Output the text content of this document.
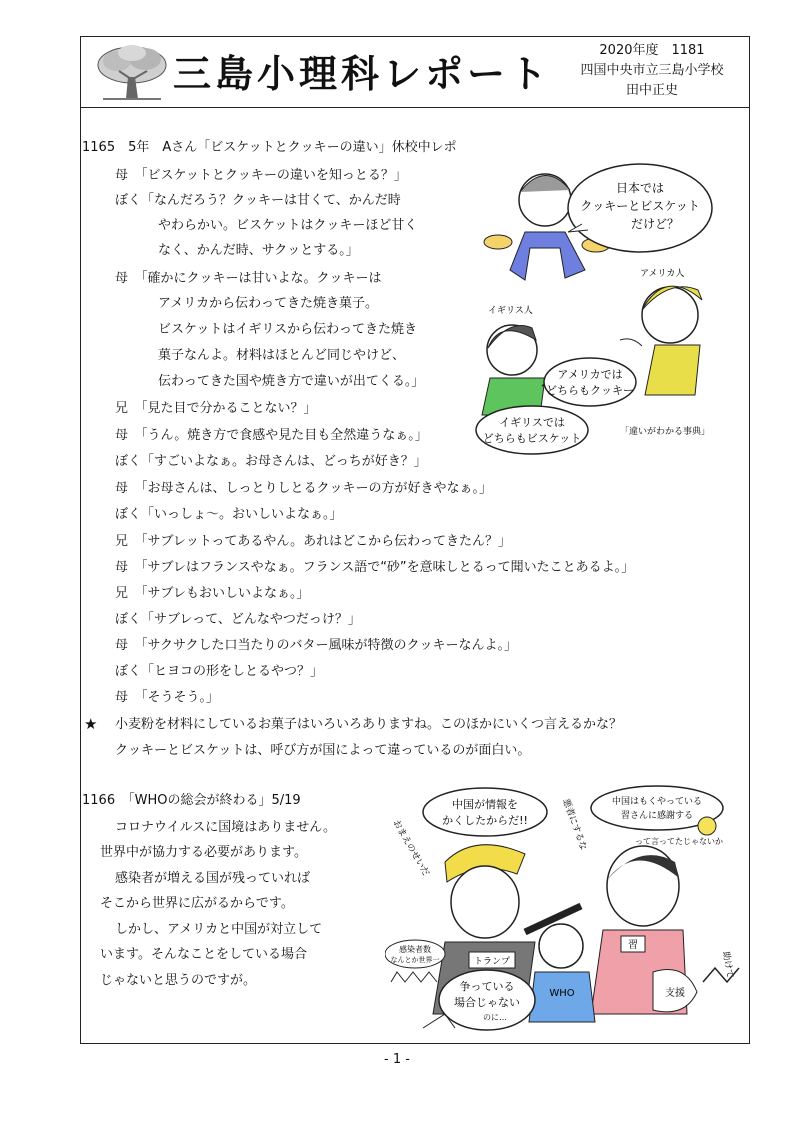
三島小理科レポート
2020年度　1181
四国中央市立三島小学校
田中正史
1165　5年　Aさん「ビスケットとクッキーの違い」休校中レポ
母　「ビスケットとクッキーの違いを知っとる？」
ぼく「なんだろう？クッキーは甘くて、かんだ時
やわらかい。ビスケットはクッキーほど甘く
なく、かんだ時、サクッとする。」
母　「確かにクッキーは甘いよな。クッキーは
アメリカから伝わってきた焼き菓子。
ビスケットはイギリスから伝わってきた焼き
菓子なんよ。材料はほとんど同じやけど、
伝わってきた国や焼き方で違いが出てくる。」
兄　「見た目で分かることない？」
母　「うん。焼き方で食感や見た目も全然違うなぁ。」
ぼく「すごいよなぁ。お母さんは、どっちが好き？」
母　「お母さんは、しっとりしとるクッキーの方が好きやなぁ。」
ぼく「いっしょ～。おいしいよなぁ。」
兄　「サブレットってあるやん。あれはどこから伝わってきたん？」
母　「サブレはフランスやなぁ。フランス語で“砂”を意味しとるって聞いたことあるよ。」
兄　「サブレもおいしいよなぁ。」
ぼく「サブレって、どんなやつだっけ？」
母　「サクサクした口当たりのバター風味が特徴のクッキーなんよ。」
ぼく「ヒヨコの形をしとるやつ？」
母　「そうそう。」
★ 小麦粉を材料にしているお菓子はいろいろありますね。このほかにいくつ言えるかな？
クッキーとビスケットは、呼び方が国によって違っているのが面白い。
日本では
クッキーとビスケット
だけど？
アメリカ人
イギリス人
アメリカでは
どちらもクッキー
イギリスでは
どちらもビスケット	「違いがわかる事典」
1166　「WHOの総会が終わる」5/19
コロナウイルスに国境はありません。
世界中が協力する必要があります。
感染者が増える国が残っていれば
そこから世界に広がるからです。
しかし、アメリカと中国が対立して
います。そんなことをしている場合
じゃないと思うのですが。
中国が情報を
かくしたからだ!!
おまえのせいだ	悪者にするな	中国はもくやっている
習さんに感謝する
って言ってたじゃないか
トランプ
習
支援
WHO
争っている
場合じゃない
のに…
感染者数
なんとか世界一	助けて
- 1 -
